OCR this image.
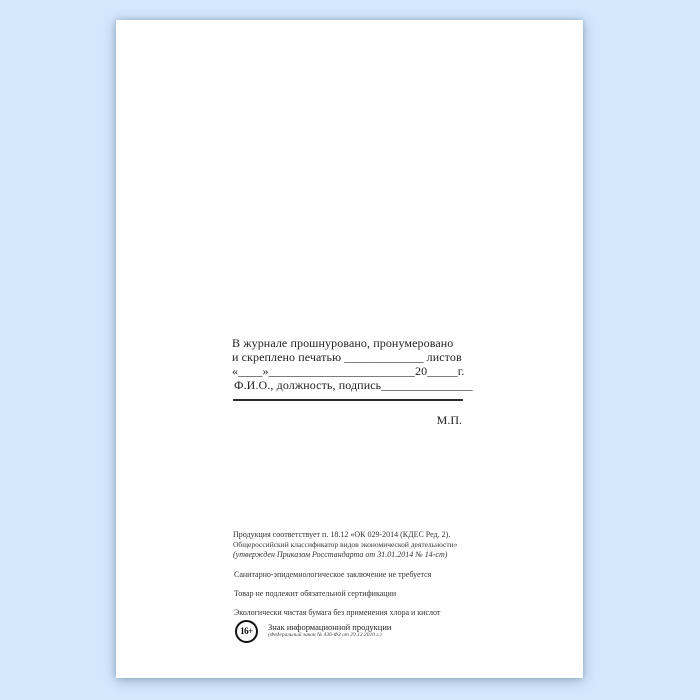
В журнале прошнуровано, пронумеровано
и скреплено печатью _____________ листов
«____»________________________20_____г.
Ф.И.О., должность, подпись_______________
М.П.
Продукция соответствует п. 18.12 «ОК 029-2014 (КДЕС Ред. 2).
Общероссийский классификатор видов экономической деятельности»
(утвержден Приказом Росстандарта от 31.01.2014 № 14-ст)
Санитарно-эпидемиологическое заключение не требуется
Товар не подлежит обязательной сертификации
Экологически чистая бумага без применения хлора и кислот
16+	Знак информационной продукции
(Федеральный закон № 436-ФЗ от 29.12.2010 г.)
